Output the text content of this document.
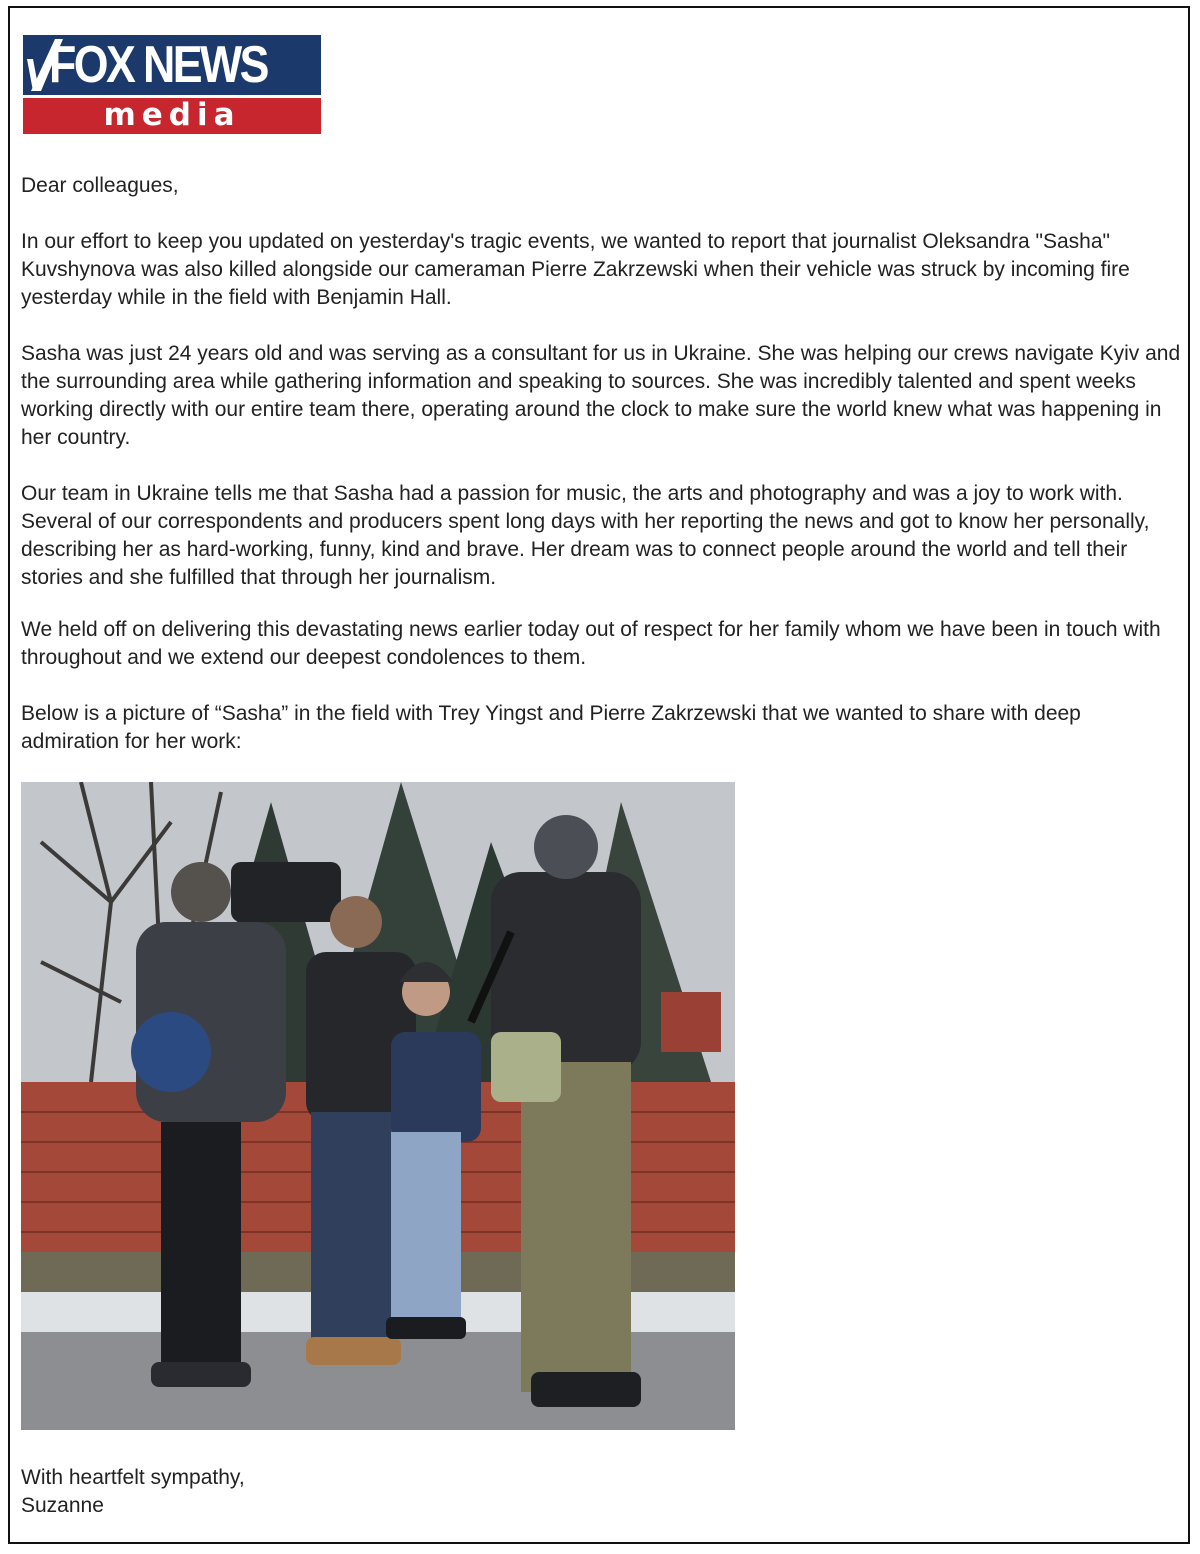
FOX NEWS
media

Dear colleagues,

In our effort to keep you updated on yesterday's tragic events, we wanted to report that journalist Oleksandra "Sasha" Kuvshynova was also killed alongside our cameraman Pierre Zakrzewski when their vehicle was struck by incoming fire yesterday while in the field with Benjamin Hall.

Sasha was just 24 years old and was serving as a consultant for us in Ukraine. She was helping our crews navigate Kyiv and the surrounding area while gathering information and speaking to sources. She was incredibly talented and spent weeks working directly with our entire team there, operating around the clock to make sure the world knew what was happening in her country.

Our team in Ukraine tells me that Sasha had a passion for music, the arts and photography and was a joy to work with. Several of our correspondents and producers spent long days with her reporting the news and got to know her personally, describing her as hard-working, funny, kind and brave. Her dream was to connect people around the world and tell their stories and she fulfilled that through her journalism.

We held off on delivering this devastating news earlier today out of respect for her family whom we have been in touch with throughout and we extend our deepest condolences to them.

Below is a picture of “Sasha” in the field with Trey Yingst and Pierre Zakrzewski that we wanted to share with deep admiration for her work:

With heartfelt sympathy,

Suzanne
